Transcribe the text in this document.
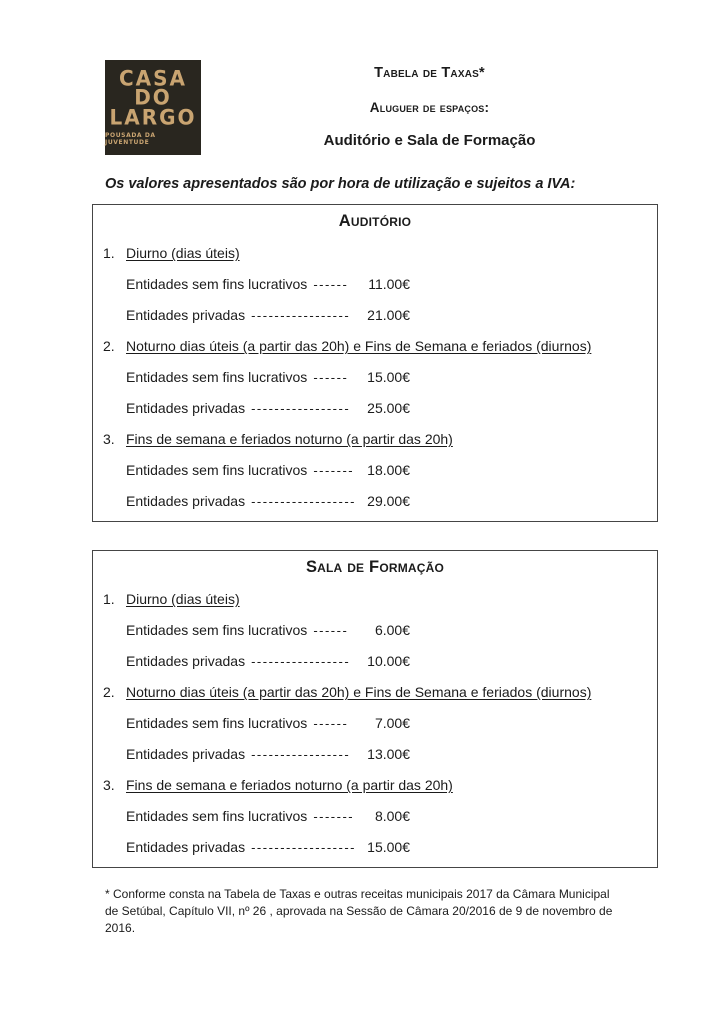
CASA
DO
LARGO
POUSADA DA JUVENTUDE
Tabela de Taxas*
Aluguer de espaços:
Auditório e Sala de Formação
Os valores apresentados são por hora de utilização e sujeitos a IVA:
Auditório
1. Diurno (dias úteis)
Entidades sem fins lucrativos ------ 11.00€
Entidades privadas ----------------- 21.00€
2. Noturno dias úteis (a partir das 20h) e Fins de Semana e feriados (diurnos)
Entidades sem fins lucrativos ------ 15.00€
Entidades privadas ----------------- 25.00€
3. Fins de semana e feriados noturno (a partir das 20h)
Entidades sem fins lucrativos ------- 18.00€
Entidades privadas ------------------ 29.00€
Sala de Formação
1. Diurno (dias úteis)
Entidades sem fins lucrativos ------ 6.00€
Entidades privadas ----------------- 10.00€
2. Noturno dias úteis (a partir das 20h) e Fins de Semana e feriados (diurnos)
Entidades sem fins lucrativos ------ 7.00€
Entidades privadas ----------------- 13.00€
3. Fins de semana e feriados noturno (a partir das 20h)
Entidades sem fins lucrativos ------- 8.00€
Entidades privadas ------------------ 15.00€
* Conforme consta na Tabela de Taxas e outras receitas municipais 2017 da Câmara Municipal de Setúbal, Capítulo VII, nº 26 , aprovada na Sessão de Câmara 20/2016 de 9 de novembro de 2016.
